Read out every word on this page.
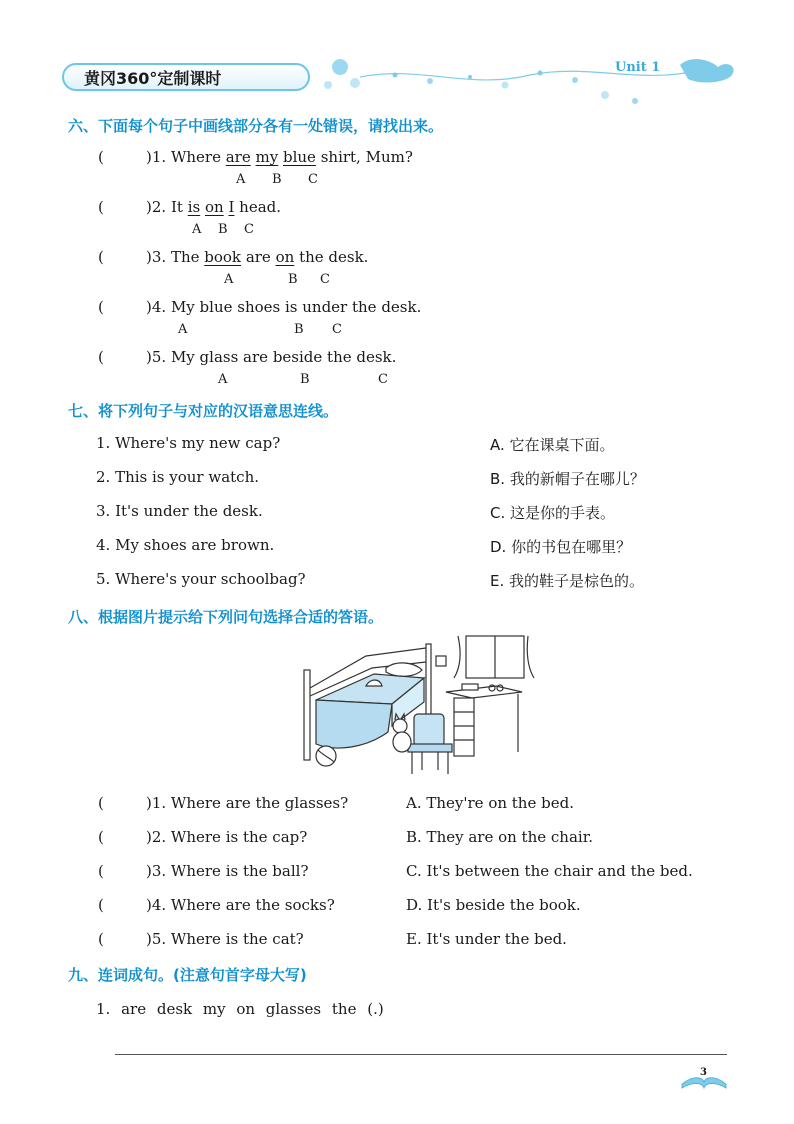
黄冈360°定制课时
Unit 1
六、下面每个句子中画线部分各有一处错误，请找出来。
(	)1. Where are my blue shirt, Mum?
A B C
(	)2. It is on I head.
A B C
(	)3. The book are on the desk.
A	B C
(	)4. My blue shoes is under the desk.
A	B C
(	)5. My glass are beside the desk.
A	B	C
七、将下列句子与对应的汉语意思连线。
1. Where's my new cap?
2. This is your watch.
3. It's under the desk.
4. My shoes are brown.
5. Where's your schoolbag?
A. 它在课桌下面。
B. 我的新帽子在哪儿？
C. 这是你的手表。
D. 你的书包在哪里？
E. 我的鞋子是棕色的。
八、根据图片提示给下列问句选择合适的答语。
(	)1. Where are the glasses?	A. They're on the bed.
(	)2. Where is the cap?	B. They are on the chair.
(	)3. Where is the ball?	C. It's between the chair and the bed.
(	)4. Where are the socks?	D. It's beside the book.
(	)5. Where is the cat?	E. It's under the bed.
九、连词成句。(注意句首字母大写)
1. are desk my on glasses the (.)
3
